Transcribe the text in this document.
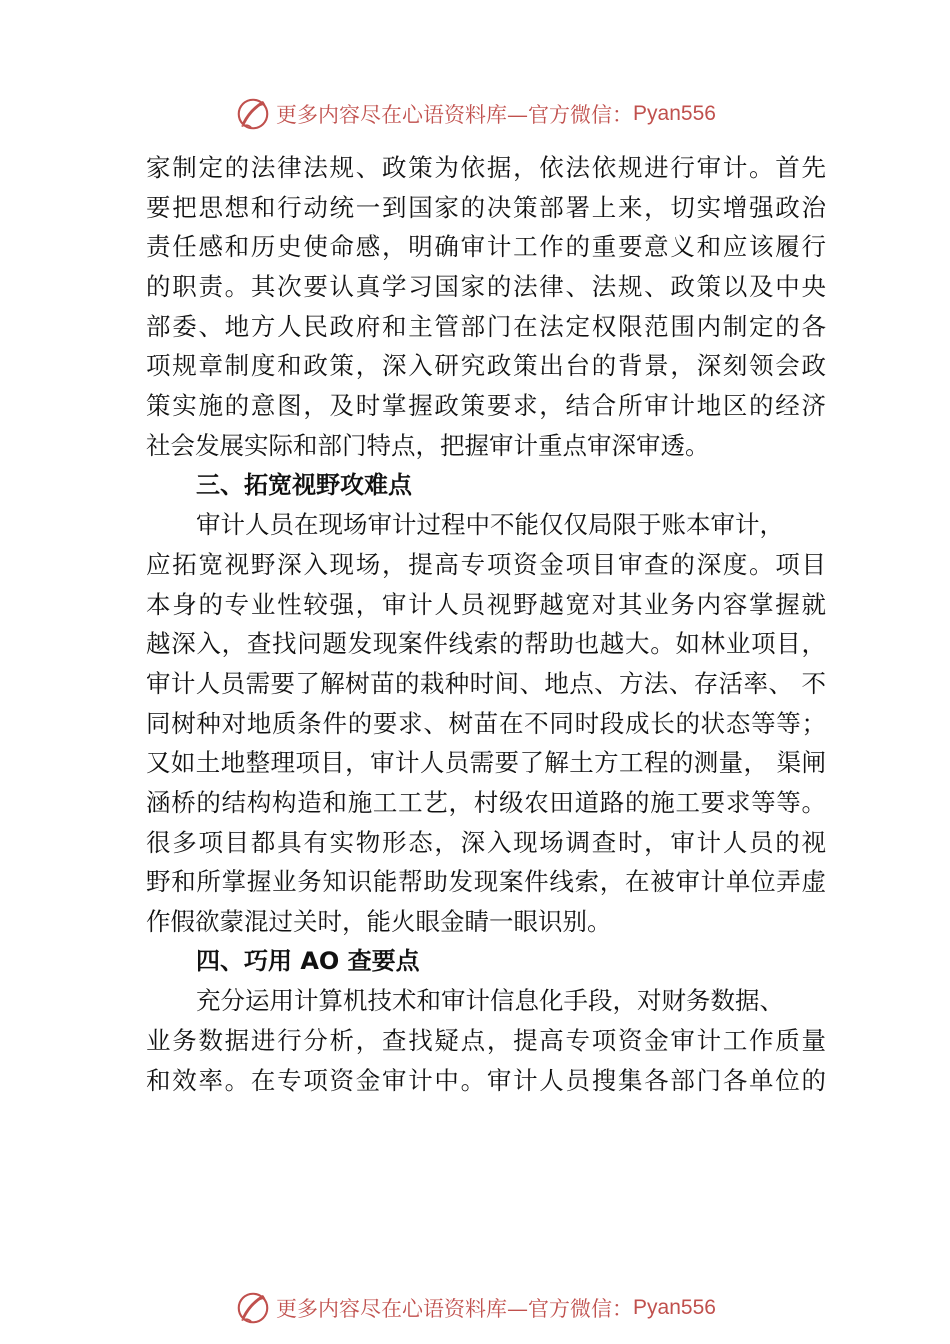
更多内容尽在心语资料库—官方微信： Pyan556
家制定的法律法规、政策为依据，依法依规进行审计。首先
要把思想和行动统一到国家的决策部署上来，切实增强政治
责任感和历史使命感，明确审计工作的重要意义和应该履行
的职责。其次要认真学习国家的法律、法规、政策以及中央
部委、地方人民政府和主管部门在法定权限范围内制定的各
项规章制度和政策，深入研究政策出台的背景，深刻领会政
策实施的意图，及时掌握政策要求，结合所审计地区的经济
社会发展实际和部门特点，把握审计重点审深审透。
三、拓宽视野攻难点
审计人员在现场审计过程中不能仅仅局限于账本审计，
应拓宽视野深入现场，提高专项资金项目审查的深度。项目
本身的专业性较强，审计人员视野越宽对其业务内容掌握就
越深入，查找问题发现案件线索的帮助也越大。如林业项目，
审计人员需要了解树苗的栽种时间、地点、方法、存活率、 不
同树种对地质条件的要求、树苗在不同时段成长的状态等等；
又如土地整理项目，审计人员需要了解土方工程的测量， 渠闸
涵桥的结构构造和施工工艺，村级农田道路的施工要求等等。
很多项目都具有实物形态，深入现场调查时，审计人员的视
野和所掌握业务知识能帮助发现案件线索，在被审计单位弄虚
作假欲蒙混过关时，能火眼金睛一眼识别。
四、巧用 AO 查要点
充分运用计算机技术和审计信息化手段，对财务数据、
业务数据进行分析，查找疑点，提高专项资金审计工作质量
和效率。在专项资金审计中。审计人员搜集各部门各单位的
更多内容尽在心语资料库—官方微信： Pyan556
